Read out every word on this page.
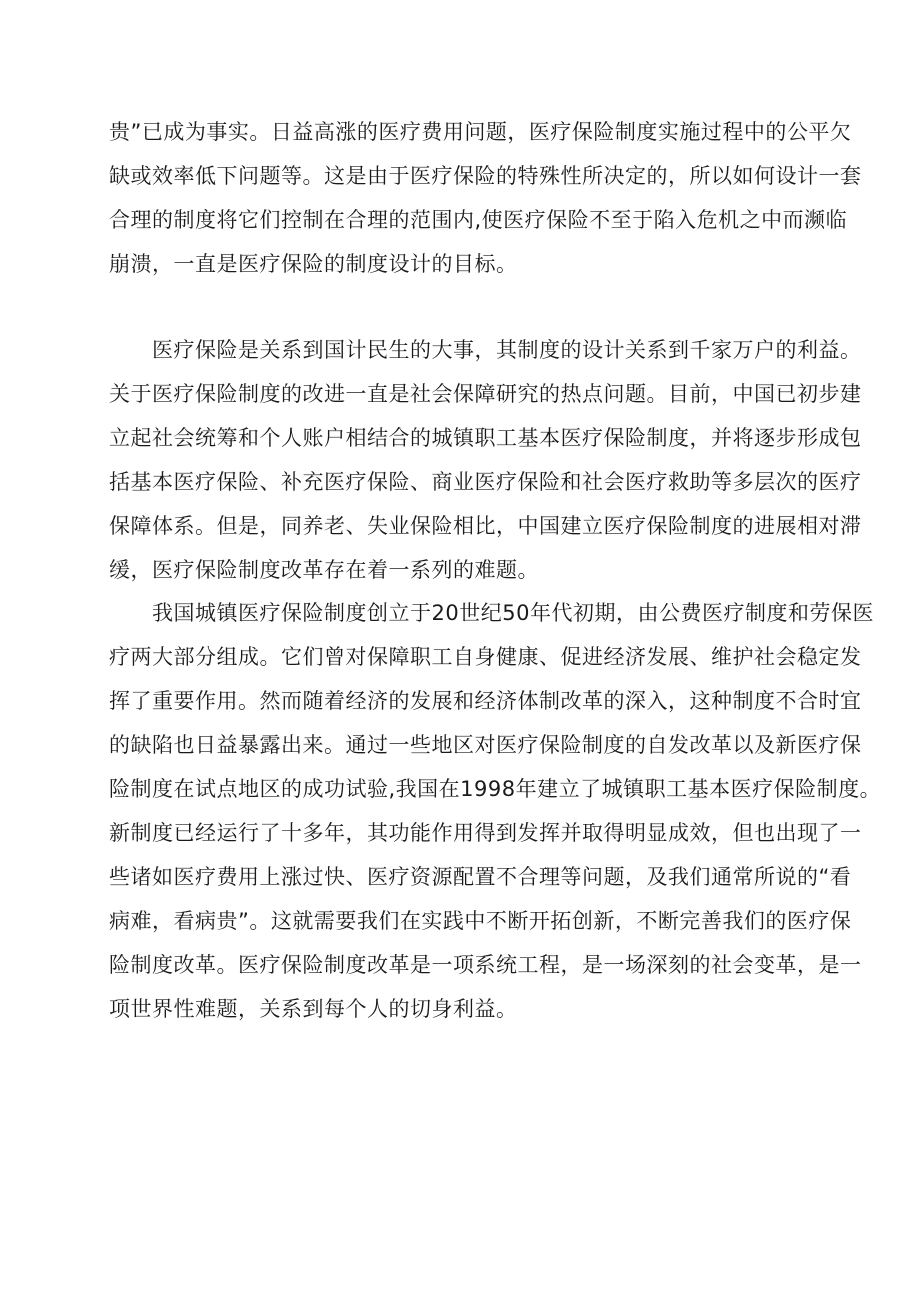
贵”已成为事实。日益高涨的医疗费用问题，医疗保险制度实施过程中的公平欠
缺或效率低下问题等。这是由于医疗保险的特殊性所决定的，所以如何设计一套
合理的制度将它们控制在合理的范围内,使医疗保险不至于陷入危机之中而濒临
崩溃，一直是医疗保险的制度设计的目标。
　　医疗保险是关系到国计民生的大事，其制度的设计关系到千家万户的利益。
关于医疗保险制度的改进一直是社会保障研究的热点问题。目前，中国已初步建
立起社会统筹和个人账户相结合的城镇职工基本医疗保险制度，并将逐步形成包
括基本医疗保险、补充医疗保险、商业医疗保险和社会医疗救助等多层次的医疗
保障体系。但是，同养老、失业保险相比，中国建立医疗保险制度的进展相对滞
缓，医疗保险制度改革存在着一系列的难题。
　　我国城镇医疗保险制度创立于20世纪50年代初期，由公费医疗制度和劳保医
疗两大部分组成。它们曾对保障职工自身健康、促进经济发展、维护社会稳定发
挥了重要作用。然而随着经济的发展和经济体制改革的深入，这种制度不合时宜
的缺陷也日益暴露出来。通过一些地区对医疗保险制度的自发改革以及新医疗保
险制度在试点地区的成功试验,我国在1998年建立了城镇职工基本医疗保险制度。
新制度已经运行了十多年，其功能作用得到发挥并取得明显成效，但也出现了一
些诸如医疗费用上涨过快、医疗资源配置不合理等问题，及我们通常所说的“看
病难，看病贵”。这就需要我们在实践中不断开拓创新，不断完善我们的医疗保
险制度改革。医疗保险制度改革是一项系统工程，是一场深刻的社会变革，是一
项世界性难题，关系到每个人的切身利益。
